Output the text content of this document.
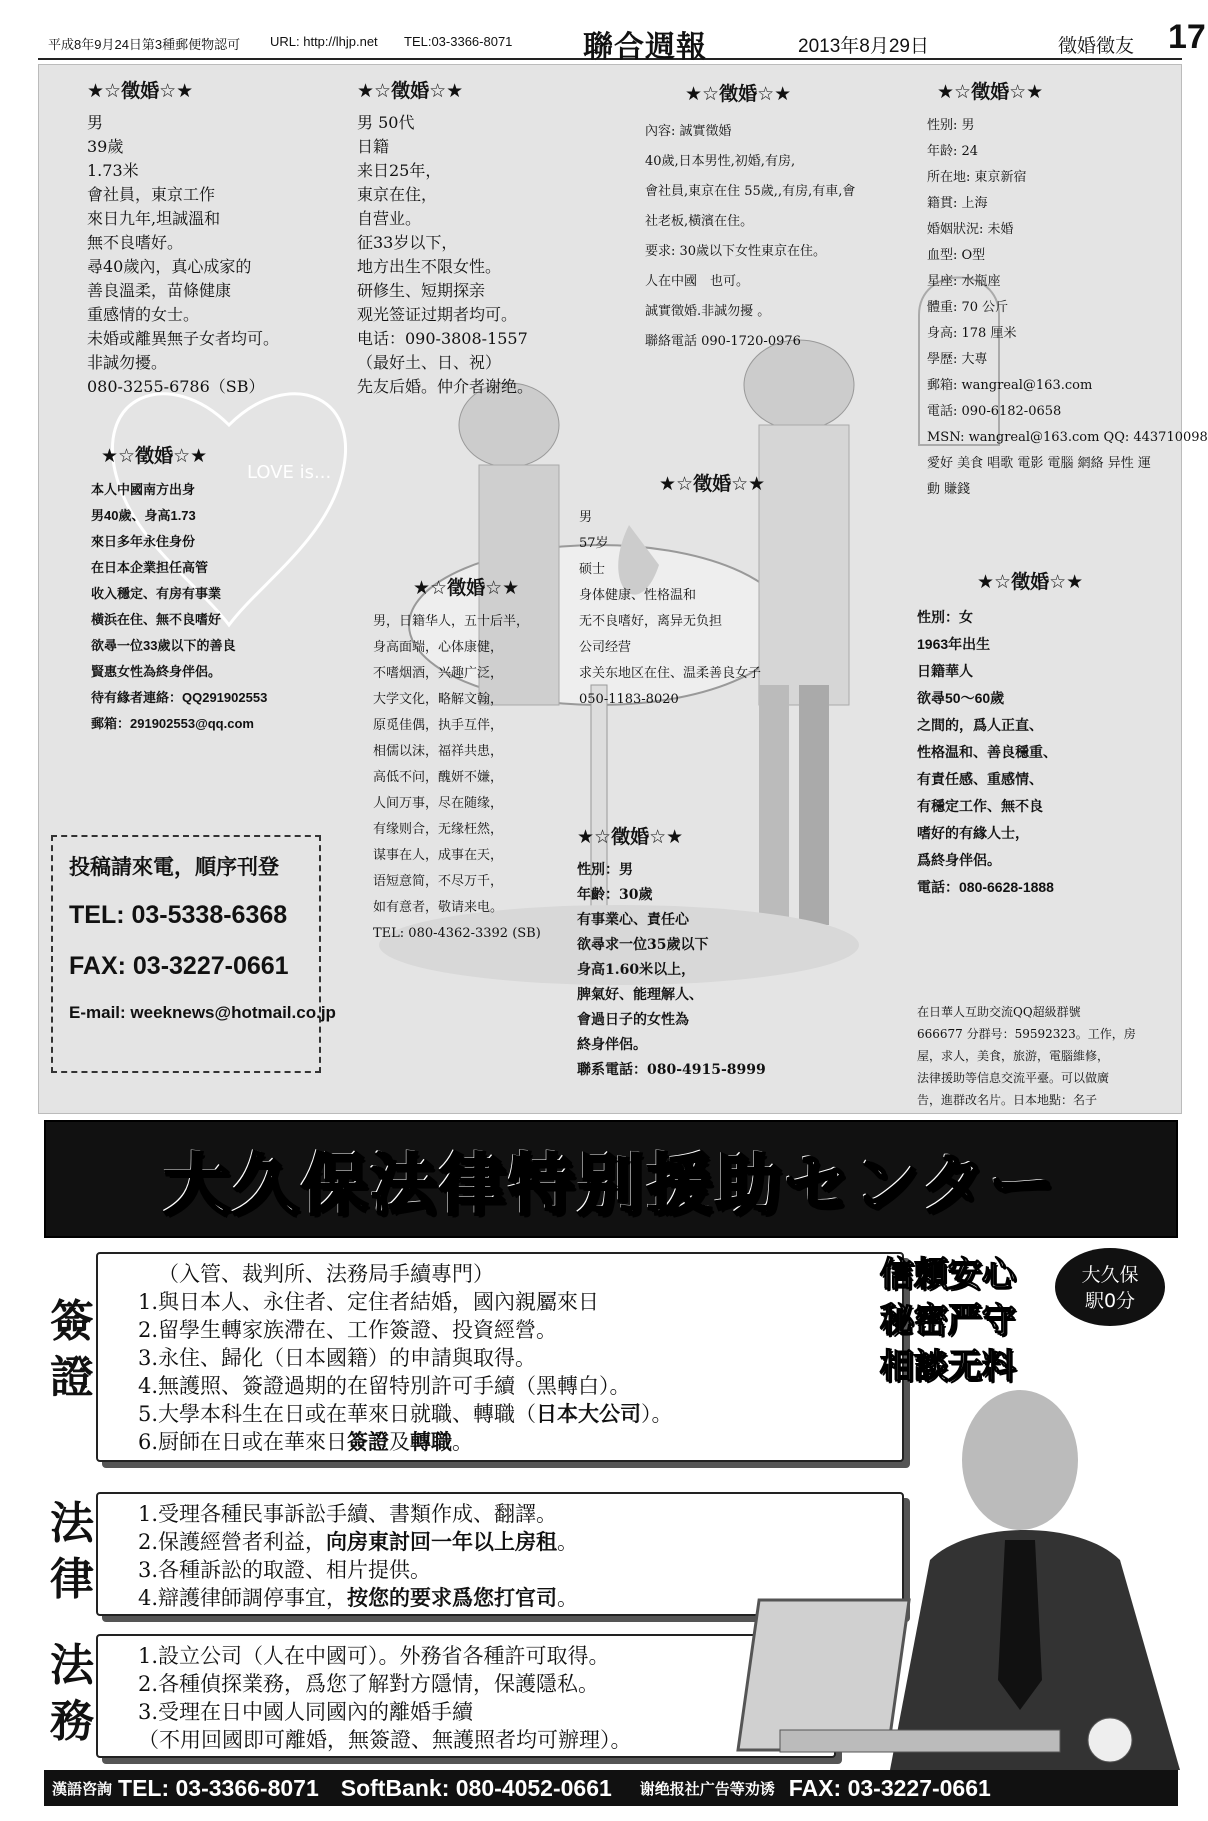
平成8年9月24日第3種郵便物認可 URL: http://lhjp.net TEL:03-3366-8071 聯合週報	2013年8月29日	徵婚徵友 17
LOVE is...
★☆徵婚☆★
男
39歲
1.73米
會社員，東京工作
來日九年,坦誠溫和
無不良嗜好。
尋40歲內，真心成家的
善良溫柔，苗條健康
重感情的女士。
未婚或離異無子女者均可。
非誠勿擾。
080-3255-6786（SB）
★☆徵婚☆★
男 50代
日籍
来日25年，
東京在住，
自营业。
征33岁以下，
地方出生不限女性。
研修生、短期探亲
观光签证过期者均可。
电话：090-3808-1557
（最好土、日、祝）
先友后婚。仲介者谢绝。
★☆徵婚☆★
內容: 誠實徵婚
40歲,日本男性,初婚,有房,
會社員,東京在住 55歲,,有房,有車,會
社老板,橫濱在住。
要求: 30歲以下女性東京在住。
人在中國　也可。
誠實徵婚.非誠勿擾 。
聯絡電話 090-1720-0976
★☆徵婚☆★
性别: 男
年龄: 24
所在地: 東京新宿
籍貫: 上海
婚姻狀況: 未婚
血型: O型
星座: 水瓶座
體重: 70 公斤
身高: 178 厘米
學歷: 大專
郵箱: wangreal@163.com
電話: 090-6182-0658
MSN: wangreal@163.com QQ: 443710098
愛好 美食 唱歌 電影 電腦 網絡 异性 運
動 賺錢
★☆徵婚☆★
本人中國南方出身
男40歲、身高1.73
來日多年永住身份
在日本企業担任高管
收入穩定、有房有事業
橫浜在住、無不良嗜好
欲尋一位33歲以下的善良
賢惠女性為終身伴侶。
待有緣者連絡：QQ291902553
郵箱：291902553@qq.com
★☆徵婚☆★
男，日籍华人，五十后半，
身高面端，心体康健，
不嗜烟酒，兴趣广泛，
大学文化，略解文翰，
原觅佳偶，执手互伴，
相儒以沫，福祥共患，
高低不问，醜妍不嫌，
人间万事，尽在随缘，
有缘则合，无缘枉然，
谋事在人，成事在天，
语短意简，不尽万千，
如有意者，敬请来电。
TEL: 080-4362-3392 (SB)
★☆徵婚☆★
男
57岁
硕士
身体健康、性格温和
无不良嗜好，离异无负担
公司经营
求关东地区在住、温柔善良女子
050-1183-8020
★☆徵婚☆★
性別：女
1963年出生
日籍華人
欲尋50～60歲
之間的，爲人正直、
性格温和、善良穩重、
有責任感、重感情、
有穩定工作、無不良
嗜好的有緣人士，
爲終身伴侶。
電話：080-6628-1888
★☆徵婚☆★
性別：男
年齡：30歲
有事業心、責任心
欲尋求一位35歲以下
身高1.60米以上，
脾氣好、能理解人、
會過日子的女性為
終身伴侶。
聯系電話：080-4915-8999
在日華人互助交流QQ超級群號
666677 分群号：59592323。工作，房
屋，求人，美食，旅游，電腦維修，
法律援助等信息交流平臺。可以做廣
告，進群改名片。日本地點：名子
投稿請來電，順序刊登
TEL: 03-5338-6368
FAX: 03-3227-0661
E-mail: weeknews@hotmail.co.jp
大久保法律特别援助センター
簽證
（入管、裁判所、法務局手續專門）
1.與日本人、永住者、定住者結婚，國內親屬來日
2.留學生轉家族滯在、工作簽證、投資經營。
3.永住、歸化（日本國籍）的申請與取得。
4.無護照、簽證過期的在留特別許可手續（黑轉白）。
5.大學本科生在日或在華來日就職、轉職（日本大公司）。
6.厨師在日或在華來日簽證及轉職。
法律
1.受理各種民事訴訟手續、書類作成、翻譯。
2.保護經營者利益，向房東討回一年以上房租。
3.各種訴訟的取證、相片提供。
4.辯護律師調停事宜，按您的要求爲您打官司。
法務
1.設立公司（人在中國可）。外務省各種許可取得。
2.各種偵探業務，爲您了解對方隱情，保護隱私。
3.受理在日中國人同國內的離婚手續
（不用回國即可離婚，無簽證、無護照者均可辦理）。
信頼安心
秘密严守
相談无料
大久保
駅0分
漢語咨詢 TEL: 03-3366-8071 SoftBank: 080-4052-0661 谢绝报社广告等劝诱 FAX: 03-3227-0661
